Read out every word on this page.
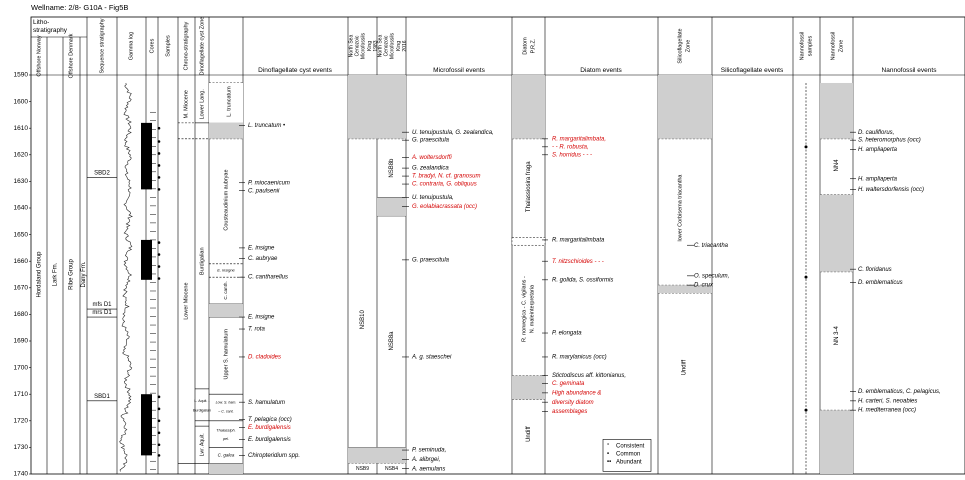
Wellname: 2/8- G10A - Fig5B
Litho-
stratigraphy
Offshore Norway	Offshore Denmark	Sequence stratigraphy	Gamma log	Cores Samples Chrono-stratigraphy Dinoflagellate cyst Zone	Dinoflagellate cyst events
North Sea Cenozoic Microfossils King 1983
North Sea Cenozoic Microfossils King 2016
Microfossil events
Diatom P.R.Z.
Diatom events
Silicoflagellate Zone
Silicoflagellate events
Nannofossil samples	Nannofossil Zone
Nannofossil events
1590
1600
1610
1620
1630
1640
1650
1660
1670
1680
1690
1700
1710
1720
1730
1740
Hordaland Group Lark Fm. Ribe Group Dany Fm.
SBD2
mfs D1
mrs D1
SBD1
M. Miocene Lower Lang.
Burdigalian
Lower Miocene
L. Aquit. -
Burdigalian
Lwr. Aquit.
L. truncatum
Cousteaudinium aubryae
E. insigne
C. canth.
Upper S. hamulatum
Low. S. ham.
– C. cant.
Thalassiph.
pel.
C. galea
L. truncatum •
P. miocaenicum
C. paulsenii
E. insigne
C. aubryae
C. cantharellus
E. insigne
T. rota
D. cladoides
S. hamulatum
T. pelagica (occ)
E. burdigalensis
E. burdigalensis
Chiropteridium spp.
NSB10
NSB9
NSB8b
NSB8a
NSB4
U. tenuipustula, G. zealandica,
G. praescitula
A. woltersdorffi
G. zealandica
T. bradyi, N. cf. granosum
C. contraria, G. obliquus
U. tenuipustula,
G. eolabiacrassata (occ)
G. praescitula
A. g. staeschei
P. seminuda,
A. alibrgei,
A. aemulans
Thalassiosira fraga
R. norwegica - C. vigilans - N. maleinterpretaria
Undiff
R. margaritalimbata,
- - R. robusta,
S. horridus - - -
R. margaritalimbata
T. nitzschioides - - -
R. golida, S. ossiformis
P. elongata
R. marylanicus (occ)
Stictodiscus aff. kittonianus,
C. geminata
High abundance &
diversity diatom
assemblages
° Consistent
• Common
•• Abundant
lower Corbisema triacantha
Undiff
C. triacantha
O. speculum,
D. crux
NN4
NN 3-4
D. cauliflorus,
S. heteromorphus (occ)
H. ampliaperta
H. ampliaperta
H. waltersdorfensis (occ)
C. floridanus
D. emblematicus
D. emblematicus, C. pelagicus,
H. carteri, S. neoabies
H. mediterranea (occ)
